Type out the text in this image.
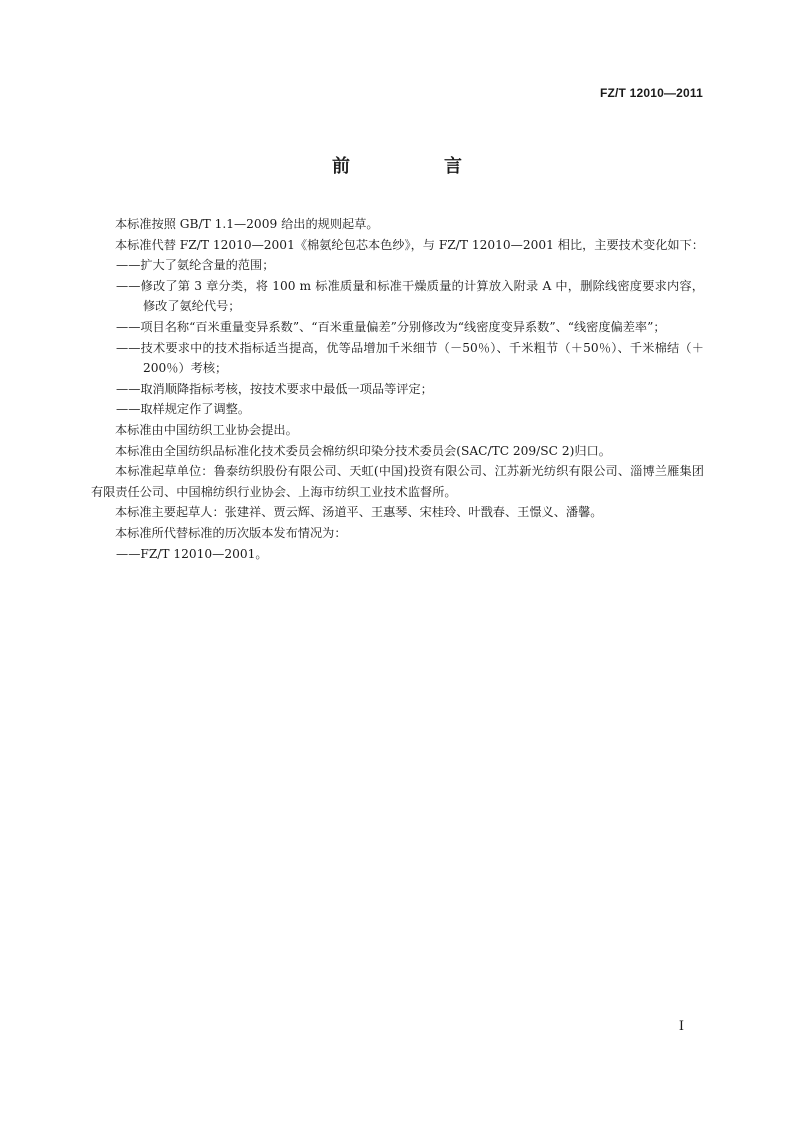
FZ/T 12010—2011
前　言

本标准按照 GB/T 1.1—2009 给出的规则起草。

本标准代替 FZ/T 12010—2001《棉氨纶包芯本色纱》，与 FZ/T 12010—2001 相比，主要技术变化如下：

——扩大了氨纶含量的范围；

——修改了第 3 章分类，将 100 m 标准质量和标准干燥质量的计算放入附录 A 中，删除线密度要求内容，修改了氨纶代号；

——项目名称“百米重量变异系数”、“百米重量偏差”分别修改为“线密度变异系数”、“线密度偏差率”；

——技术要求中的技术指标适当提高，优等品增加千米细节（－50％）、千米粗节（＋50％）、千米棉结（＋200％）考核；

——取消顺降指标考核，按技术要求中最低一项品等评定；

——取样规定作了调整。

本标准由中国纺织工业协会提出。

本标准由全国纺织品标准化技术委员会棉纺织印染分技术委员会(SAC/TC 209/SC 2)归口。

本标准起草单位：鲁泰纺织股份有限公司、天虹(中国)投资有限公司、江苏新光纺织有限公司、淄博兰雁集团有限责任公司、中国棉纺织行业协会、上海市纺织工业技术监督所。

本标准主要起草人：张建祥、贾云辉、汤道平、王惠琴、宋桂玲、叶戬春、王憬义、潘馨。

本标准所代替标准的历次版本发布情况为：

——FZ/T 12010—2001。

I
